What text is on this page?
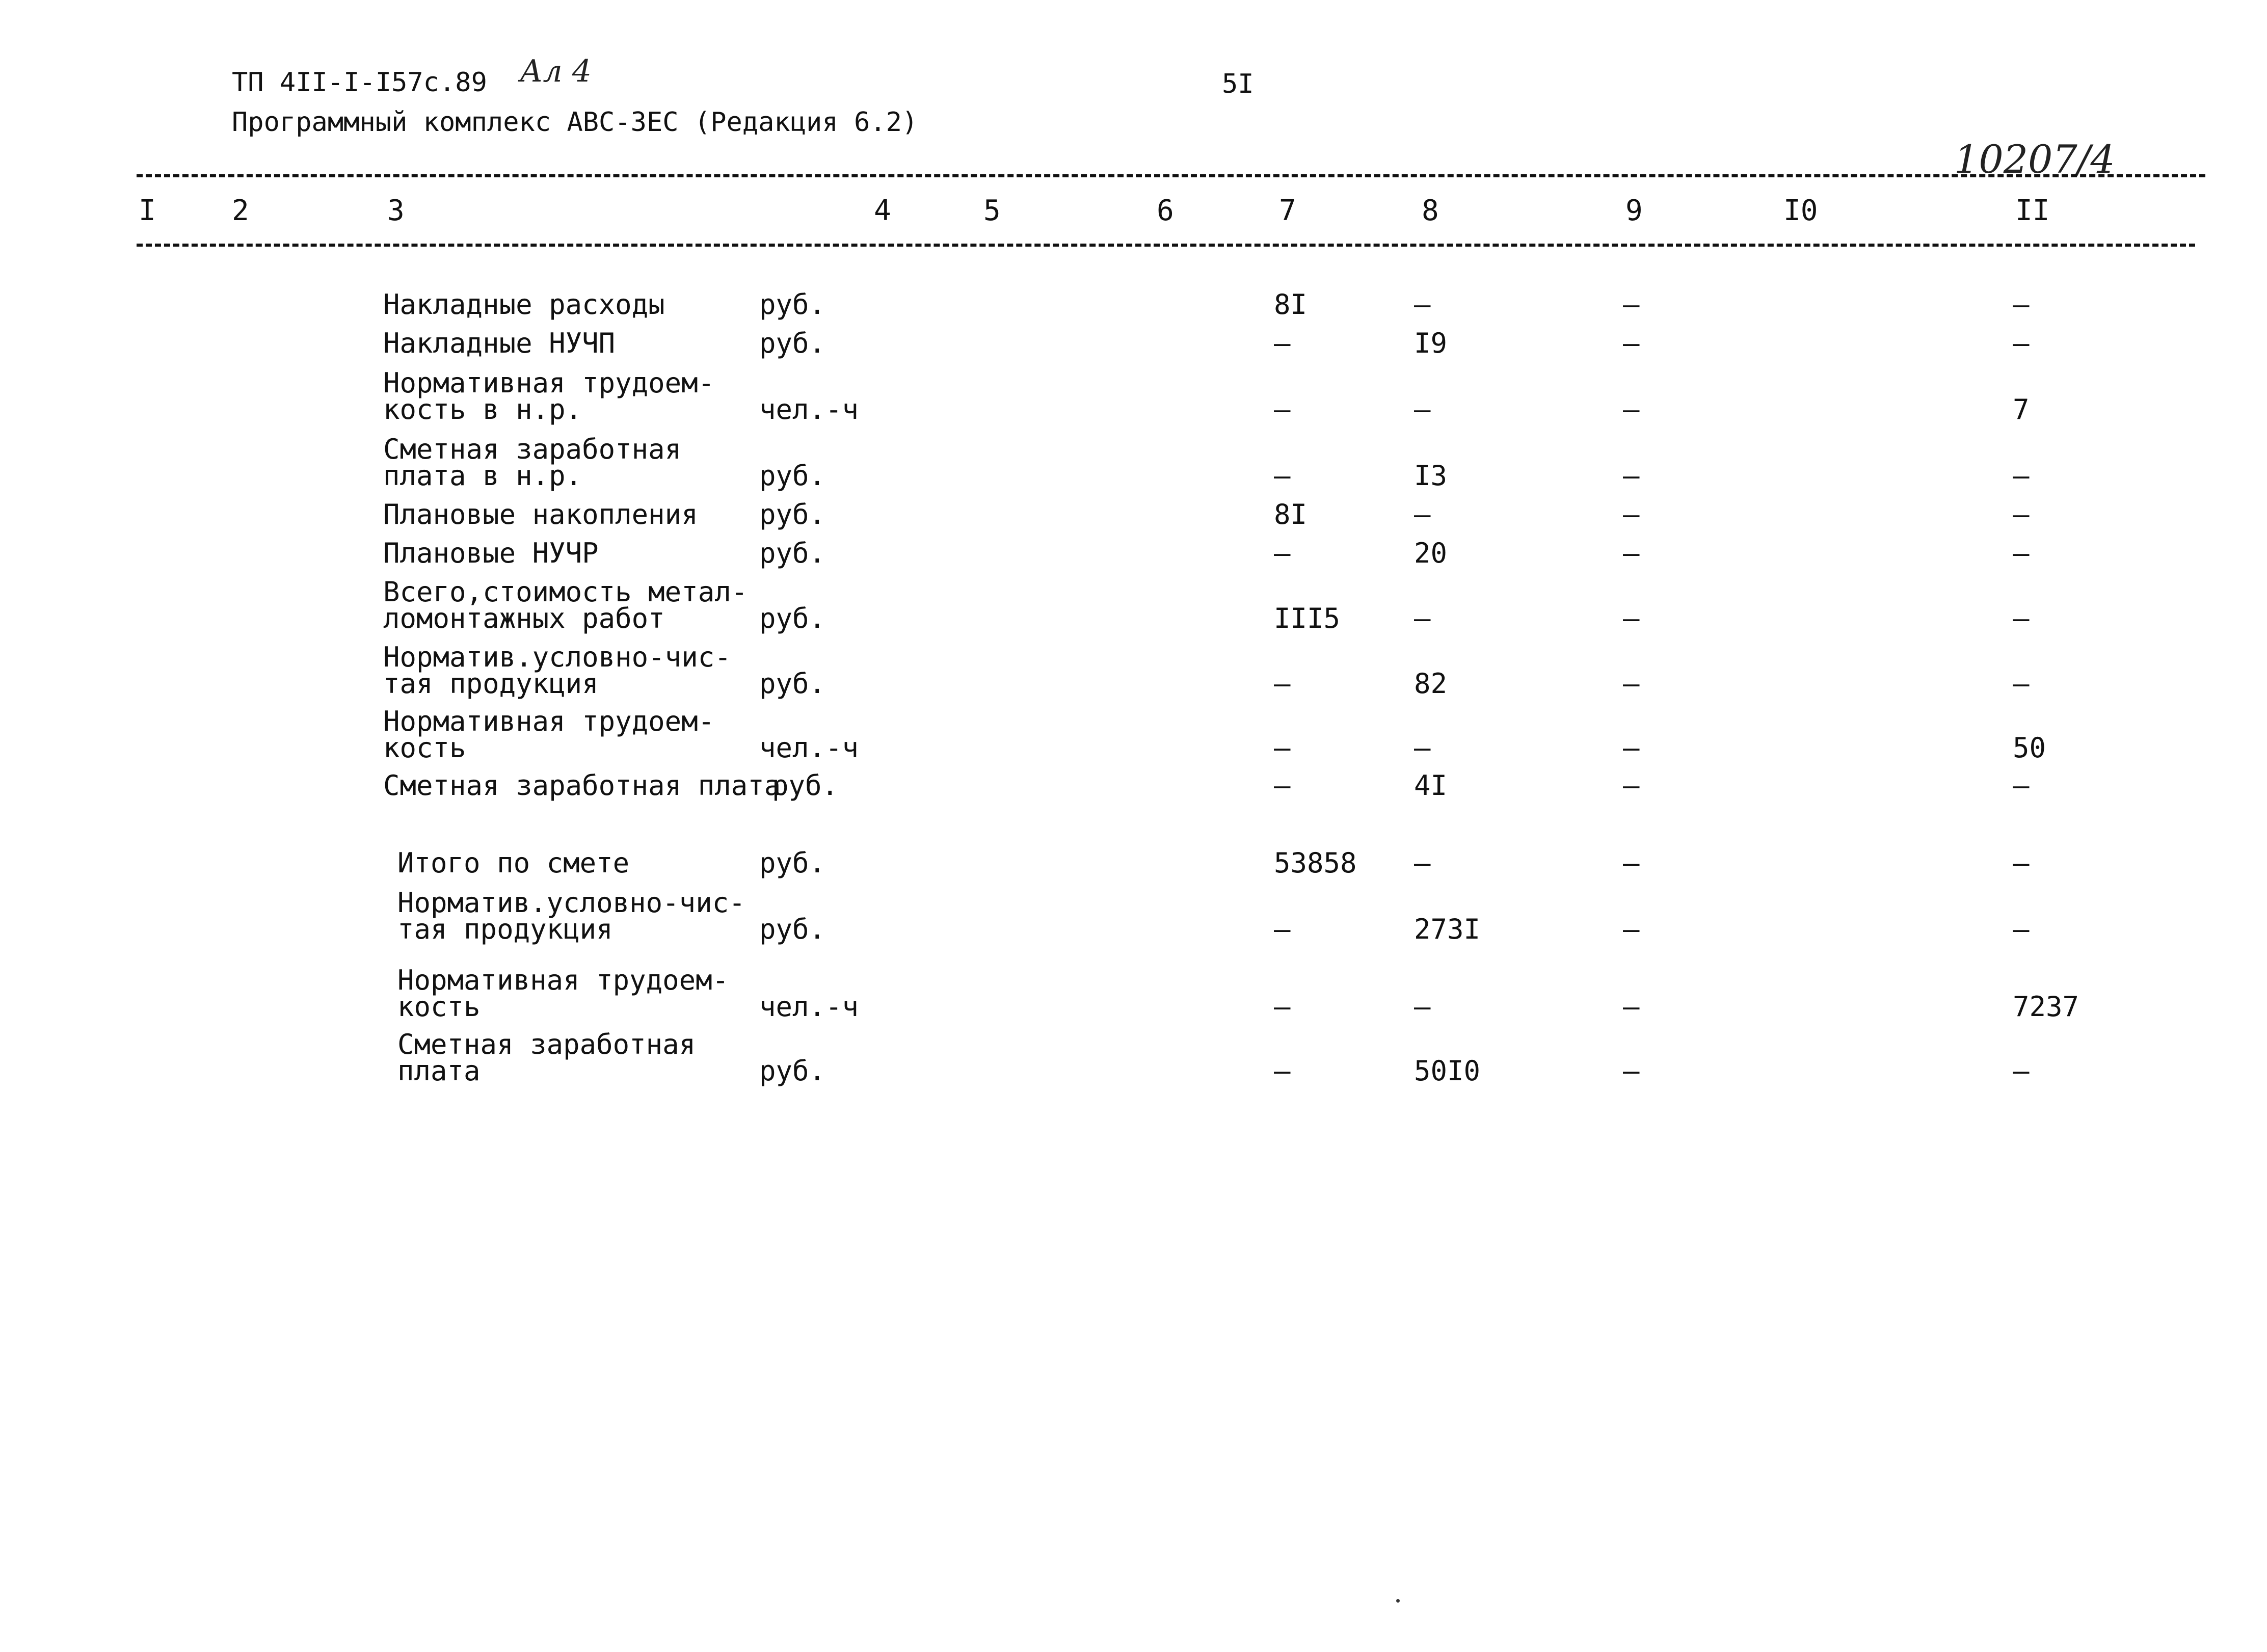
ТП 4II-I-I57с.89 Ал 4	5I
Программный комплекс АВС-3ЕС (Редакция 6.2)
10207/4
I	2	3	4	5	6	7	8	9	I0	II
Накладные расходы	руб.	8I	–	–	–
Накладные НУЧП	руб.	–	I9	–	–
Нормативная трудоем-
кость в н.р.	чел.-ч	–	–	–	7
Сметная заработная
плата в н.р.	руб.	–	I3	–	–
Плановые накопления руб.	8I	–	–	–
Плановые НУЧР	руб.	–	20	–	–
Всего,стоимость метал-
ломонтажных работ	руб.	III5	–	–	–
Норматив.условно-чис-
тая продукция	руб.	–	82	–	–
Нормативная трудоем-
кость	чел.-ч	–	–	–	50
Сметная заработная плата
руб.	–	4I	–	–
Итого по смете	руб.	53858 –	–	–
Норматив.условно-чис-
тая продукция	руб.	–	273I	–	–
Нормативная трудоем-
кость	чел.-ч	–	–	–	7237
Сметная заработная
плата	руб.	–	50I0	–	–
